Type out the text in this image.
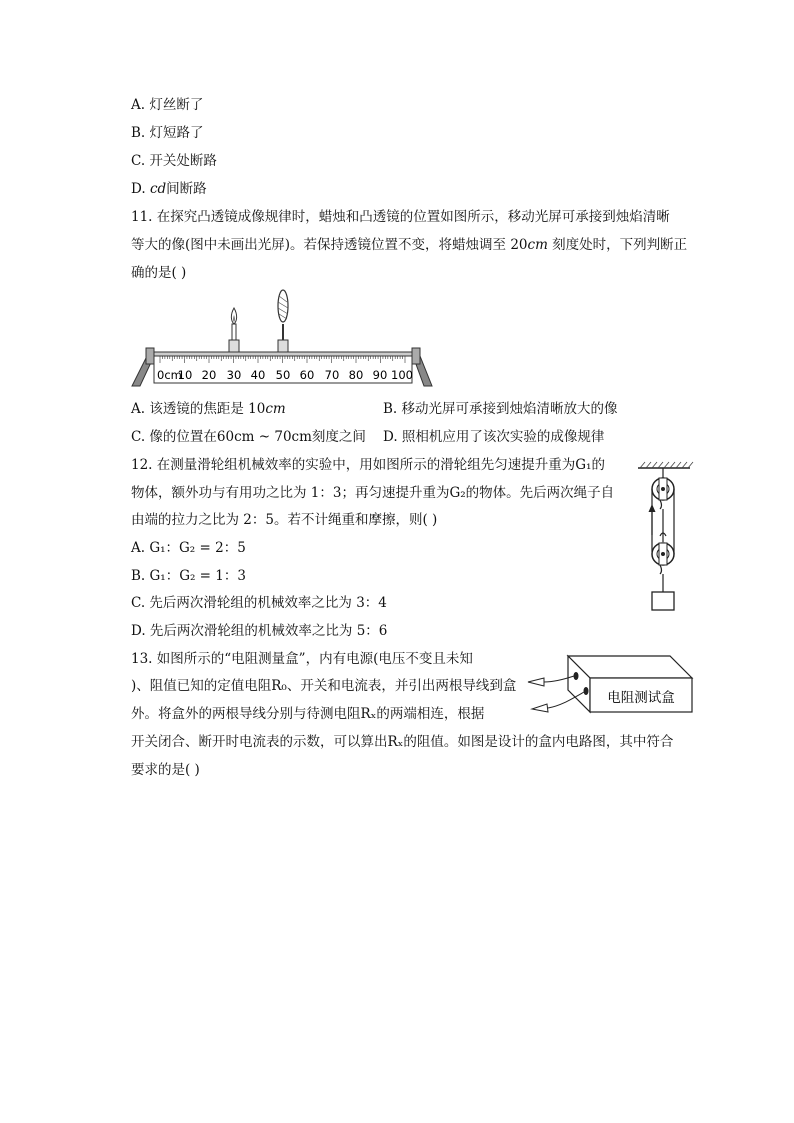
A. 灯丝断了
B. 灯短路了
C. 开关处断路
D. cd间断路
11. 在探究凸透镜成像规律时，蜡烛和凸透镜的位置如图所示，移动光屏可承接到烛焰清晰
等大的像(图中未画出光屏)。若保持透镜位置不变，将蜡烛调至 20cm 刻度处时，下列判断正
确的是( )
0cm
10 20 30 40 50 60 70 80 90 100
A. 该透镜的焦距是 10cm	B. 移动光屏可承接到烛焰清晰放大的像
C. 像的位置在60cm ~ 70cm刻度之间 D. 照相机应用了该次实验的成像规律
12. 在测量滑轮组机械效率的实验中，用如图所示的滑轮组先匀速提升重为G₁的
物体，额外功与有用功之比为 1：3；再匀速提升重为G₂的物体。先后两次绳子自
由端的拉力之比为 2：5。若不计绳重和摩擦，则( )
A. G₁：G₂ = 2：5
B. G₁：G₂ = 1：3
C. 先后两次滑轮组的机械效率之比为 3：4
D. 先后两次滑轮组的机械效率之比为 5：6
13. 如图所示的“电阻测量盒”，内有电源(电压不变且未知
)、阻值已知的定值电阻R₀、开关和电流表，并引出两根导线到盒
外。将盒外的两根导线分别与待测电阻Rₓ的两端相连，根据
开关闭合、断开时电流表的示数，可以算出Rₓ的阻值。如图是设计的盒内电路图，其中符合
要求的是( )
电阻测试盒
